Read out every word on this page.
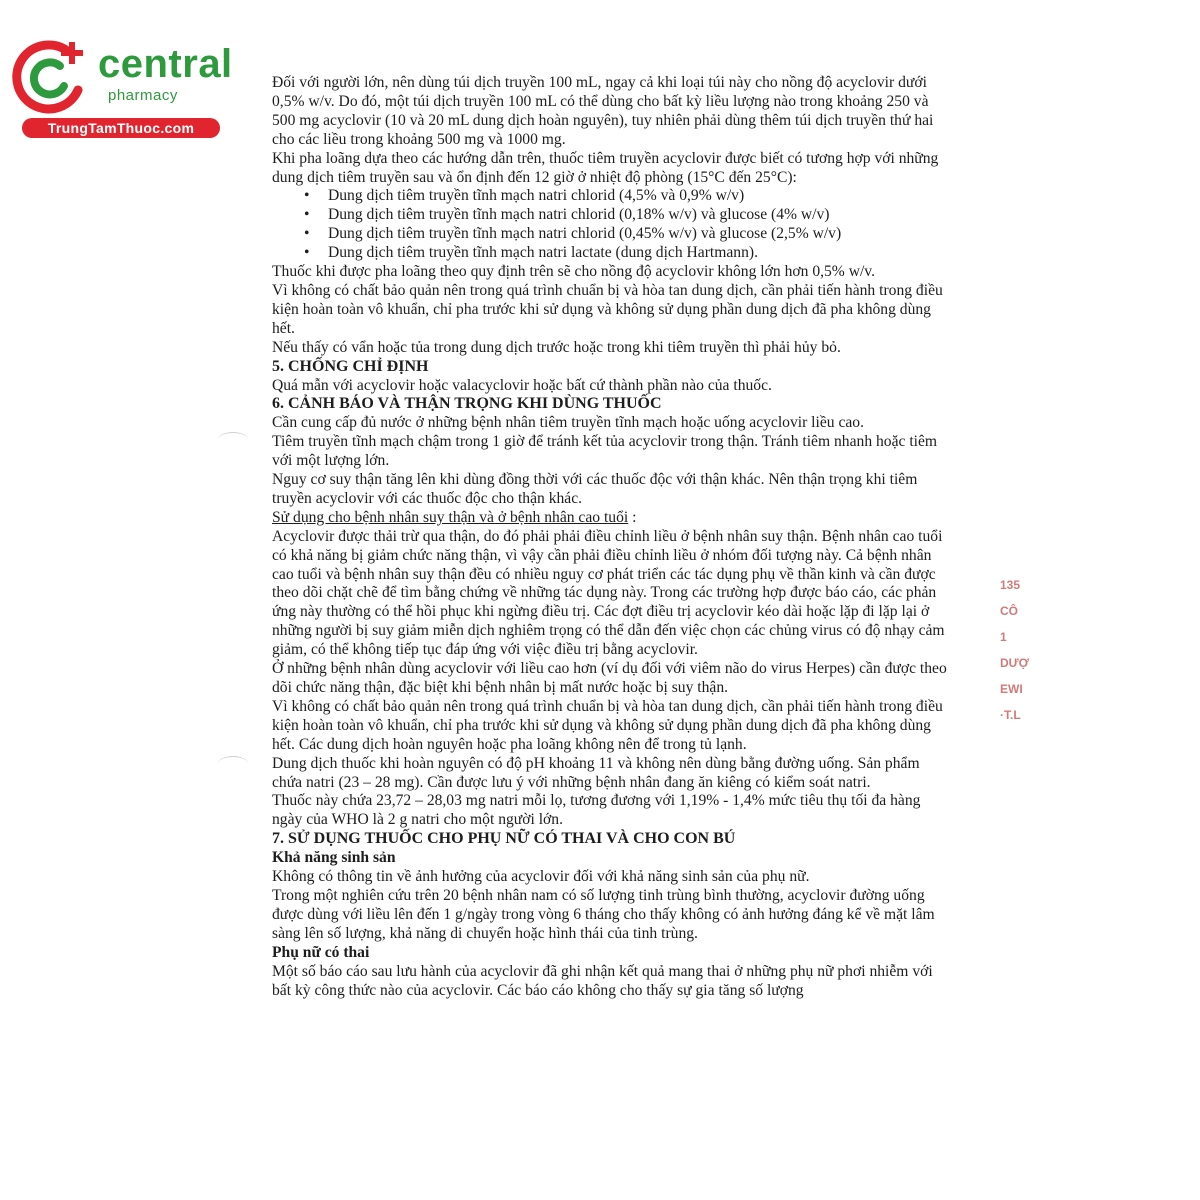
central
pharmacy
TrungTamThuoc.com

Đối với người lớn, nên dùng túi dịch truyền 100 mL, ngay cả khi loại túi này cho nồng độ acyclovir dưới 0,5% w/v. Do đó, một túi dịch truyền 100 mL có thể dùng cho bất kỳ liều lượng nào trong khoảng 250 và 500 mg acyclovir (10 và 20 mL dung dịch hoàn nguyên), tuy nhiên phải dùng thêm túi dịch truyền thứ hai cho các liều trong khoảng 500 mg và 1000 mg.

Khi pha loãng dựa theo các hướng dẫn trên, thuốc tiêm truyền acyclovir được biết có tương hợp với những dung dịch tiêm truyền sau và ổn định đến 12 giờ ở nhiệt độ phòng (15°C đến 25°C):

• Dung dịch tiêm truyền tĩnh mạch natri chlorid (4,5% và 0,9% w/v)
• Dung dịch tiêm truyền tĩnh mạch natri chlorid (0,18% w/v) và glucose (4% w/v)
• Dung dịch tiêm truyền tĩnh mạch natri chlorid (0,45% w/v) và glucose (2,5% w/v)
• Dung dịch tiêm truyền tĩnh mạch natri lactate (dung dịch Hartmann).

Thuốc khi được pha loãng theo quy định trên sẽ cho nồng độ acyclovir không lớn hơn 0,5% w/v.

Vì không có chất bảo quản nên trong quá trình chuẩn bị và hòa tan dung dịch, cần phải tiến hành trong điều kiện hoàn toàn vô khuẩn, chỉ pha trước khi sử dụng và không sử dụng phần dung dịch đã pha không dùng hết.

Nếu thấy có vẩn hoặc tủa trong dung dịch trước hoặc trong khi tiêm truyền thì phải hủy bỏ.

5. CHỐNG CHỈ ĐỊNH

Quá mẫn với acyclovir hoặc valacyclovir hoặc bất cứ thành phần nào của thuốc.

6. CẢNH BÁO VÀ THẬN TRỌNG KHI DÙNG THUỐC

Cần cung cấp đủ nước ở những bệnh nhân tiêm truyền tĩnh mạch hoặc uống acyclovir liều cao.

Tiêm truyền tĩnh mạch chậm trong 1 giờ để tránh kết tủa acyclovir trong thận. Tránh tiêm nhanh hoặc tiêm với một lượng lớn.

Nguy cơ suy thận tăng lên khi dùng đồng thời với các thuốc độc với thận khác. Nên thận trọng khi tiêm truyền acyclovir với các thuốc độc cho thận khác.

Sử dụng cho bệnh nhân suy thận và ở bệnh nhân cao tuổi :

Acyclovir được thải trừ qua thận, do đó phải phải điều chỉnh liều ở bệnh nhân suy thận. Bệnh nhân cao tuổi có khả năng bị giảm chức năng thận, vì vậy cần phải điều chỉnh liều ở nhóm đối tượng này. Cả bệnh nhân cao tuổi và bệnh nhân suy thận đều có nhiều nguy cơ phát triển các tác dụng phụ về thần kinh và cần được theo dõi chặt chẽ để tìm bằng chứng về những tác dụng này. Trong các trường hợp được báo cáo, các phản ứng này thường có thể hồi phục khi ngừng điều trị. Các đợt điều trị acyclovir kéo dài hoặc lặp đi lặp lại ở những người bị suy giảm miễn dịch nghiêm trọng có thể dẫn đến việc chọn các chủng virus có độ nhạy cảm giảm, có thể không tiếp tục đáp ứng với việc điều trị bằng acyclovir.

Ở những bệnh nhân dùng acyclovir với liều cao hơn (ví dụ đối với viêm não do virus Herpes) cần được theo dõi chức năng thận, đặc biệt khi bệnh nhân bị mất nước hoặc bị suy thận.

Vì không có chất bảo quản nên trong quá trình chuẩn bị và hòa tan dung dịch, cần phải tiến hành trong điều kiện hoàn toàn vô khuẩn, chỉ pha trước khi sử dụng và không sử dụng phần dung dịch đã pha không dùng hết. Các dung dịch hoàn nguyên hoặc pha loãng không nên để trong tủ lạnh.

Dung dịch thuốc khi hoàn nguyên có độ pH khoảng 11 và không nên dùng bằng đường uống. Sản phẩm chứa natri (23 – 28 mg). Cần được lưu ý với những bệnh nhân đang ăn kiêng có kiểm soát natri.

Thuốc này chứa 23,72 – 28,03 mg natri mỗi lọ, tương đương với 1,19% - 1,4% mức tiêu thụ tối đa hàng ngày của WHO là 2 g natri cho một người lớn.

7. SỬ DỤNG THUỐC CHO PHỤ NỮ CÓ THAI VÀ CHO CON BÚ

Khả năng sinh sản

Không có thông tin về ảnh hưởng của acyclovir đối với khả năng sinh sản của phụ nữ.

Trong một nghiên cứu trên 20 bệnh nhân nam có số lượng tinh trùng bình thường, acyclovir đường uống được dùng với liều lên đến 1 g/ngày trong vòng 6 tháng cho thấy không có ảnh hưởng đáng kể về mặt lâm sàng lên số lượng, khả năng di chuyển hoặc hình thái của tinh trùng.

Phụ nữ có thai

Một số báo cáo sau lưu hành của acyclovir đã ghi nhận kết quả mang thai ở những phụ nữ phơi nhiễm với bất kỳ công thức nào của acyclovir. Các báo cáo không cho thấy sự gia tăng số lượng

135
CÔ
1
DƯỢ
EWI
·T.L
